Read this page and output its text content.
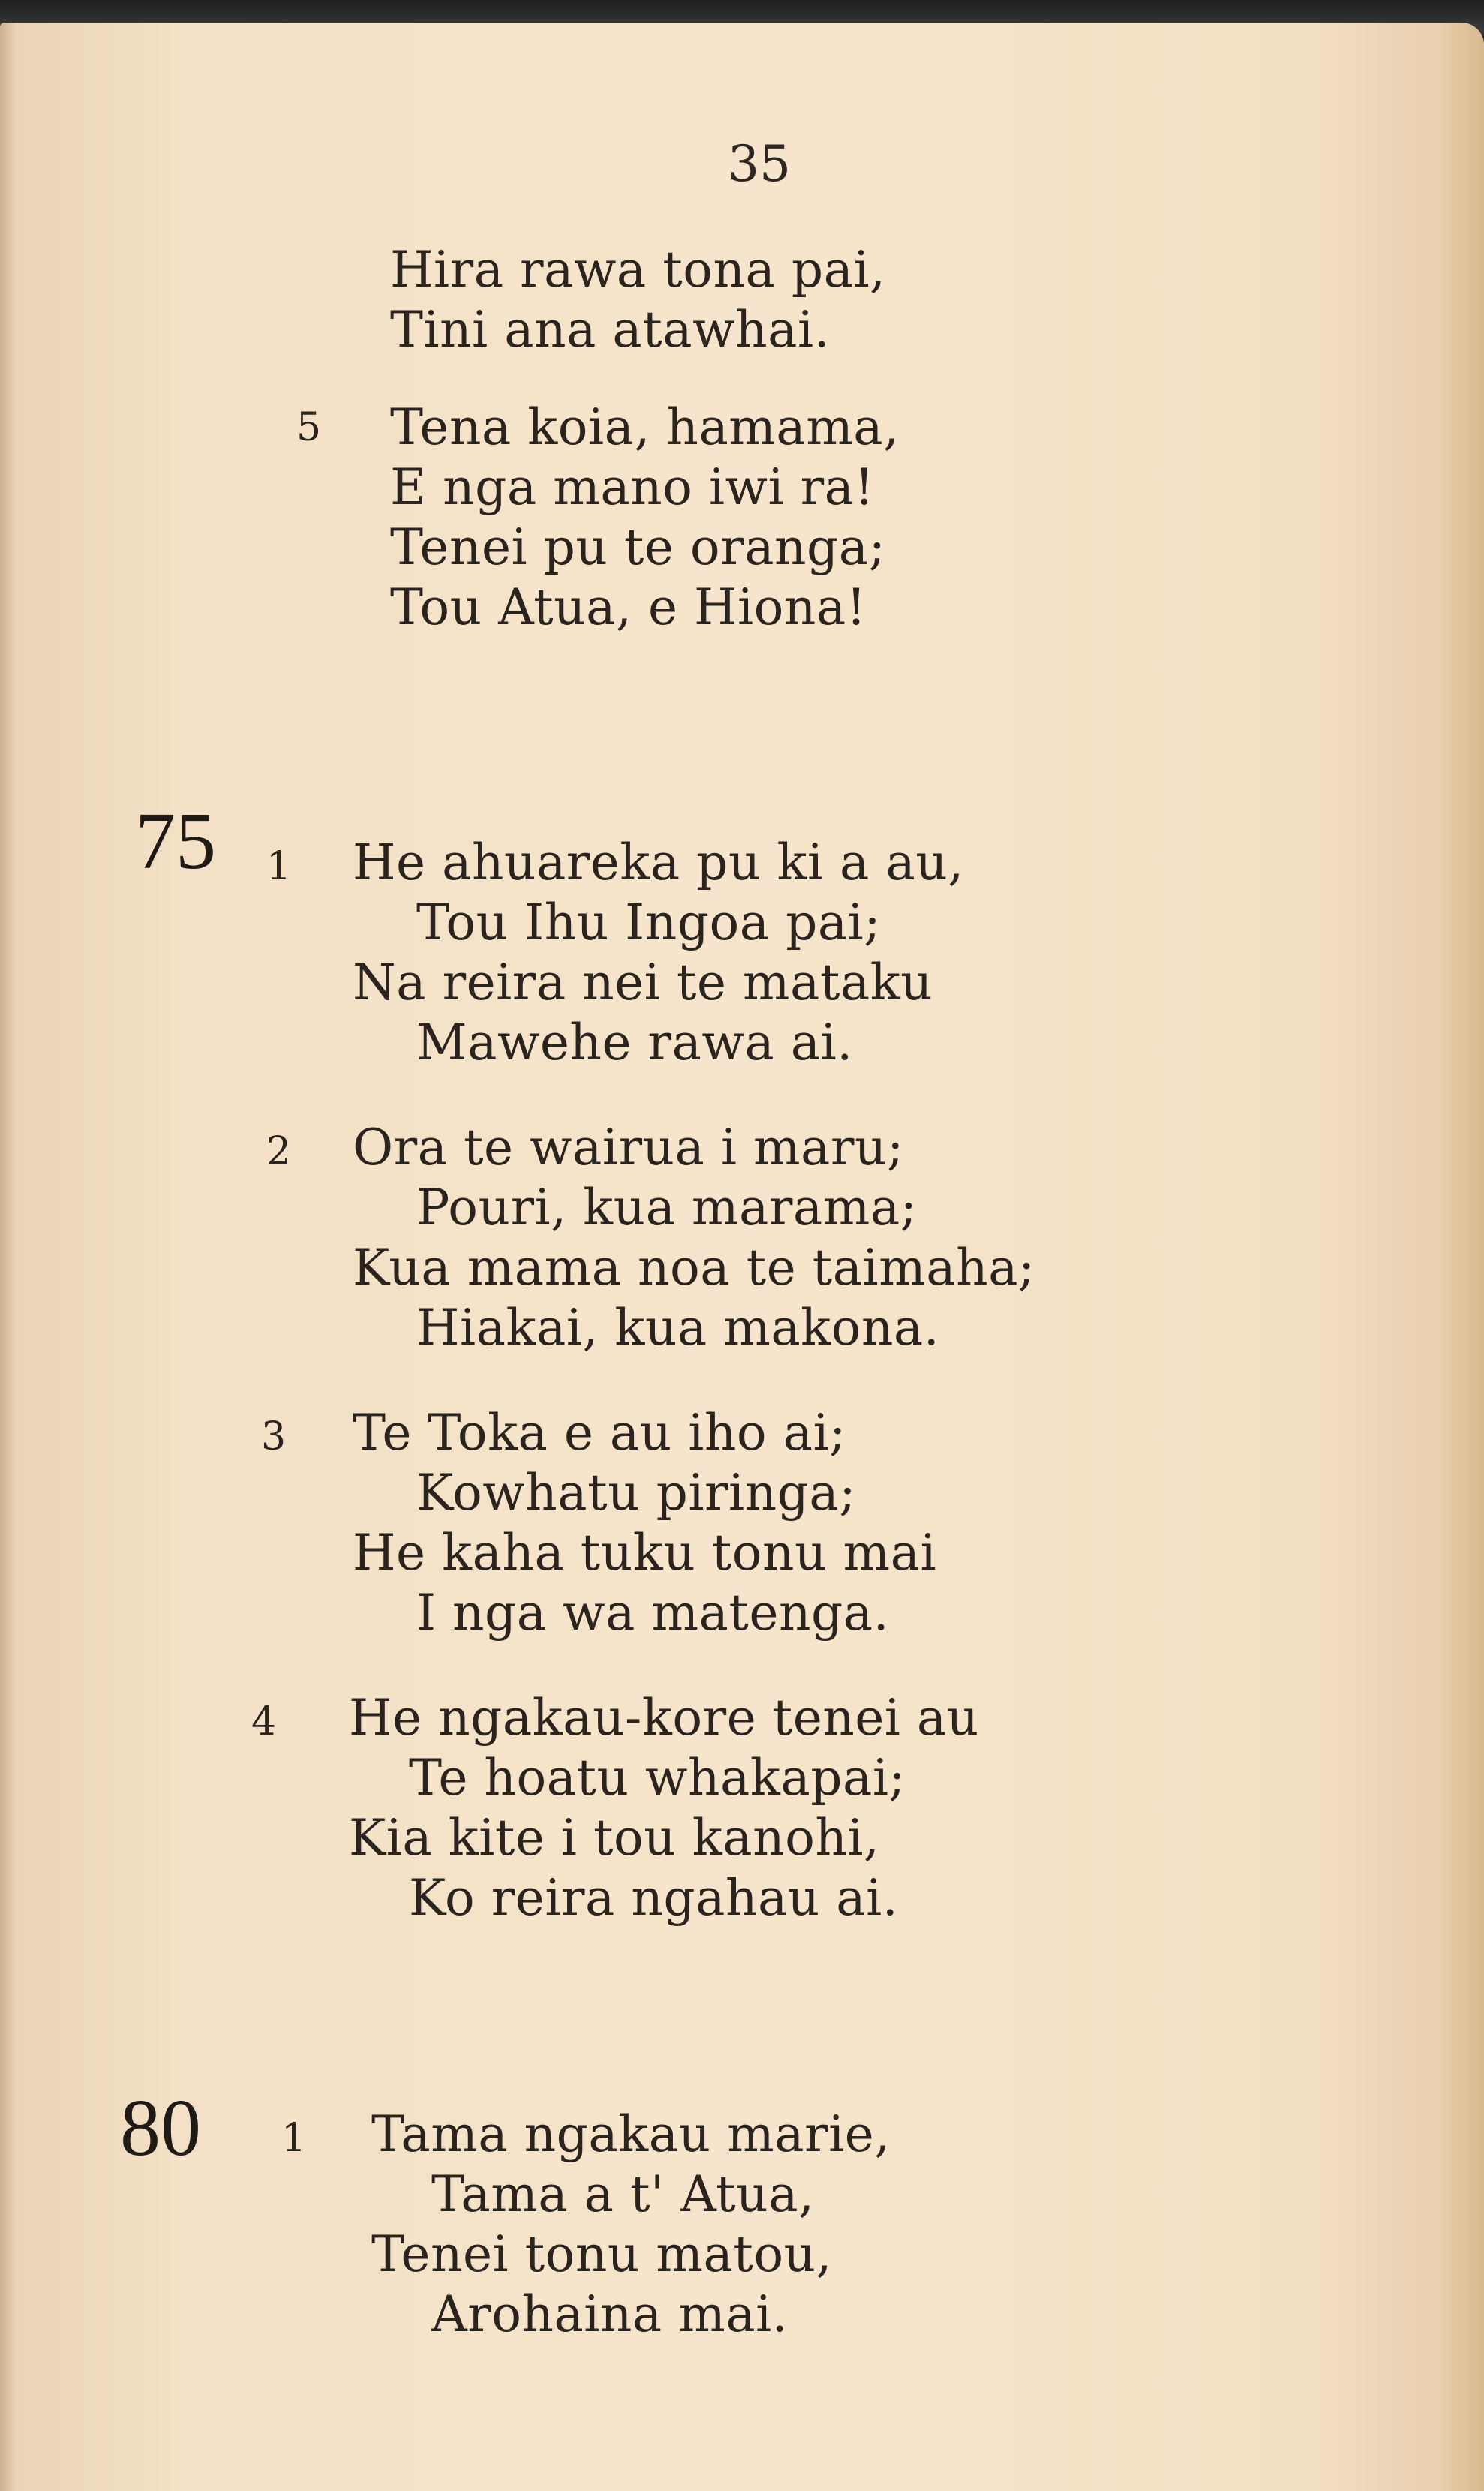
35
Hira rawa tona pai,
Tini ana atawhai.
5 Tena koia, hamama,
E nga mano iwi ra!
Tenei pu te oranga;
Tou Atua, e Hiona!
75 1 He ahuareka pu ki a au,
Tou Ihu Ingoa pai;
Na reira nei te mataku
Mawehe rawa ai.
2 Ora te wairua i maru;
Pouri, kua marama;
Kua mama noa te taimaha;
Hiakai, kua makona.
3 Te Toka e au iho ai;
Kowhatu piringa;
He kaha tuku tonu mai
I nga wa matenga.
4 He ngakau-kore tenei au
Te hoatu whakapai;
Kia kite i tou kanohi,
Ko reira ngahau ai.
80 1 Tama ngakau marie,
Tama a t' Atua,
Tenei tonu matou,
Arohaina mai.
